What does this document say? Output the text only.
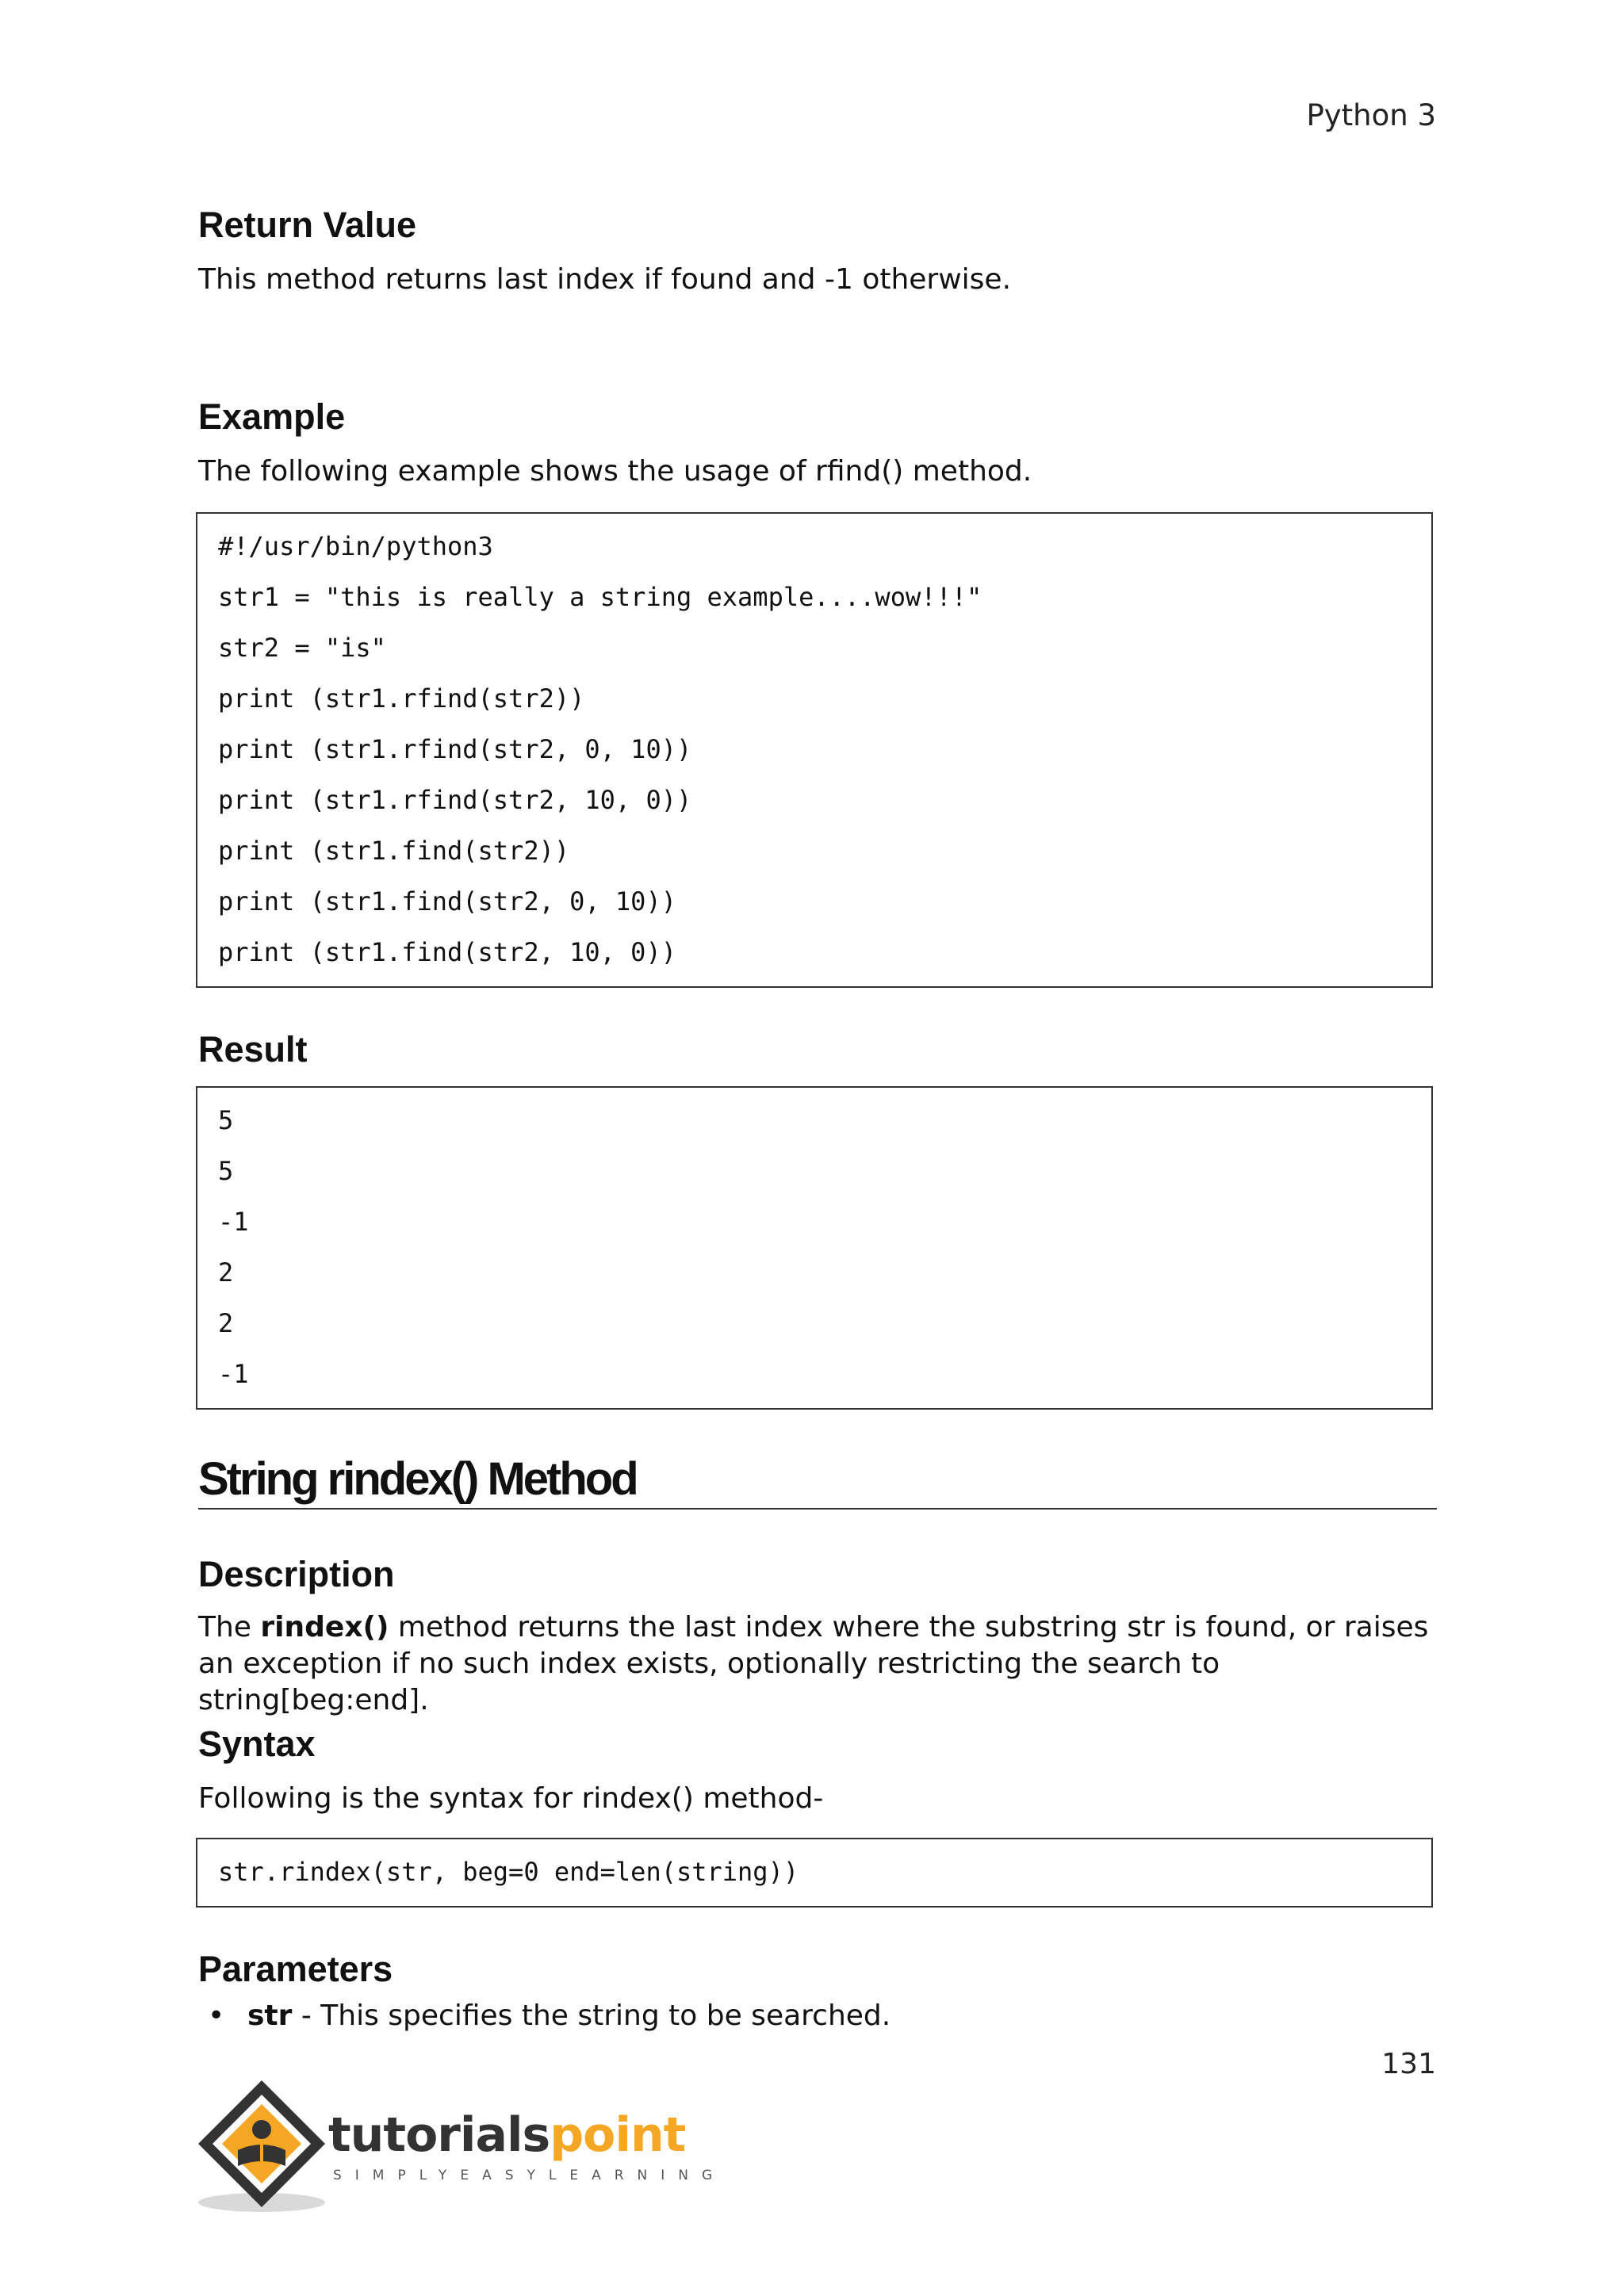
Python 3
Return Value

This method returns last index if found and -1 otherwise.

Example

The following example shows the usage of rfind() method.

#!/usr/bin/python3
str1 = "this is really a string example....wow!!!"
str2 = "is"
print (str1.rfind(str2))
print (str1.rfind(str2, 0, 10))
print (str1.rfind(str2, 10, 0))
print (str1.find(str2))
print (str1.find(str2, 0, 10))
print (str1.find(str2, 10, 0))
Result
5
5
-1
2
2
-1
String rindex() Method
Description

The rindex() method returns the last index where the substring str is found, or raises an exception if no such index exists, optionally restricting the search to string[beg:end].

Syntax

Following is the syntax for rindex() method-

str.rindex(str, beg=0 end=len(string))
Parameters
• str - This specifies the string to be searched.
131
tutorialspoint
SIMPLYEASYLEARNING
